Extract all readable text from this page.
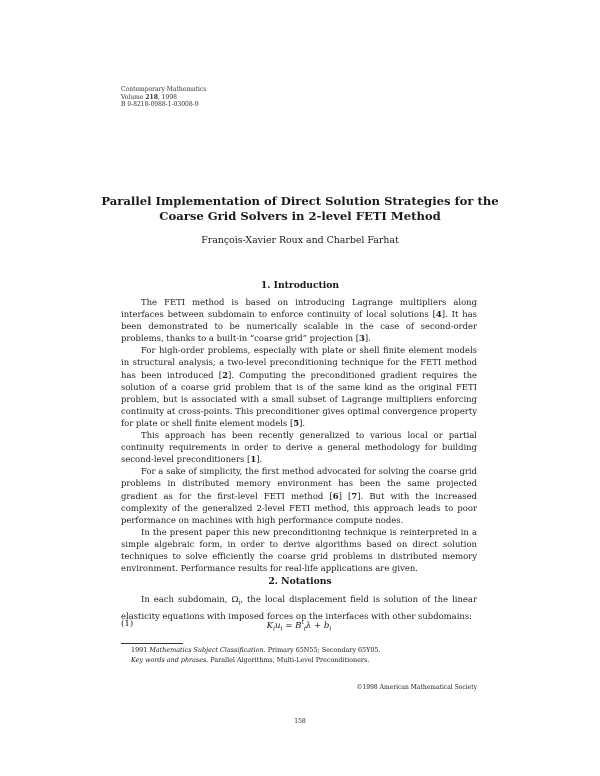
Contemporary Mathematics
Volume 218, 1998
B 0-8218-0988-1-03008-9
Parallel Implementation of Direct Solution Strategies for the
Coarse Grid Solvers in 2-level FETI Method
François-Xavier Roux and Charbel Farhat
1. Introduction

The FETI method is based on introducing Lagrange multipliers along interfaces between subdomain to enforce continuity of local solutions [4]. It has been demonstrated to be numerically scalable in the case of second-order problems, thanks to a built-in “coarse grid” projection [3].

For high-order problems, especially with plate or shell finite element models in structural analysis, a two-level preconditioning technique for the FETI method has been introduced [2]. Computing the preconditioned gradient requires the solution of a coarse grid problem that is of the same kind as the original FETI problem, but is associated with a small subset of Lagrange multipliers enforcing continuity at cross-points. This preconditioner gives optimal convergence property for plate or shell finite element models [5].

This approach has been recently generalized to various local or partial continuity requirements in order to derive a general methodology for building second-level preconditioners [1].

For a sake of simplicity, the first method advocated for solving the coarse grid problems in distributed memory environment has been the same projected gradient as for the first-level FETI method [6] [7]. But with the increased complexity of the generalized 2-level FETI method, this approach leads to poor performance on machines with high performance compute nodes.

In the present paper this new preconditioning technique is reinterpreted in a simple algebraic form, in order to derive algorithms based on direct solution techniques to solve efficiently the coarse grid problems in distributed memory environment. Performance results for real-life applications are given.

2. Notations

In each subdomain, $\Omega_i$, the local displacement field is solution of the linear elasticity equations with imposed forces on the interfaces with other subdomains:

(1)	$K_iu_i = B^t_i\lambda + b_i$
1991 Mathematics Subject Classification. Primary 65N55; Secondary 65Y05.
Key words and phrases. Parallel Algorithms, Multi-Level Preconditioners.
©1998 American Mathematical Society
158
